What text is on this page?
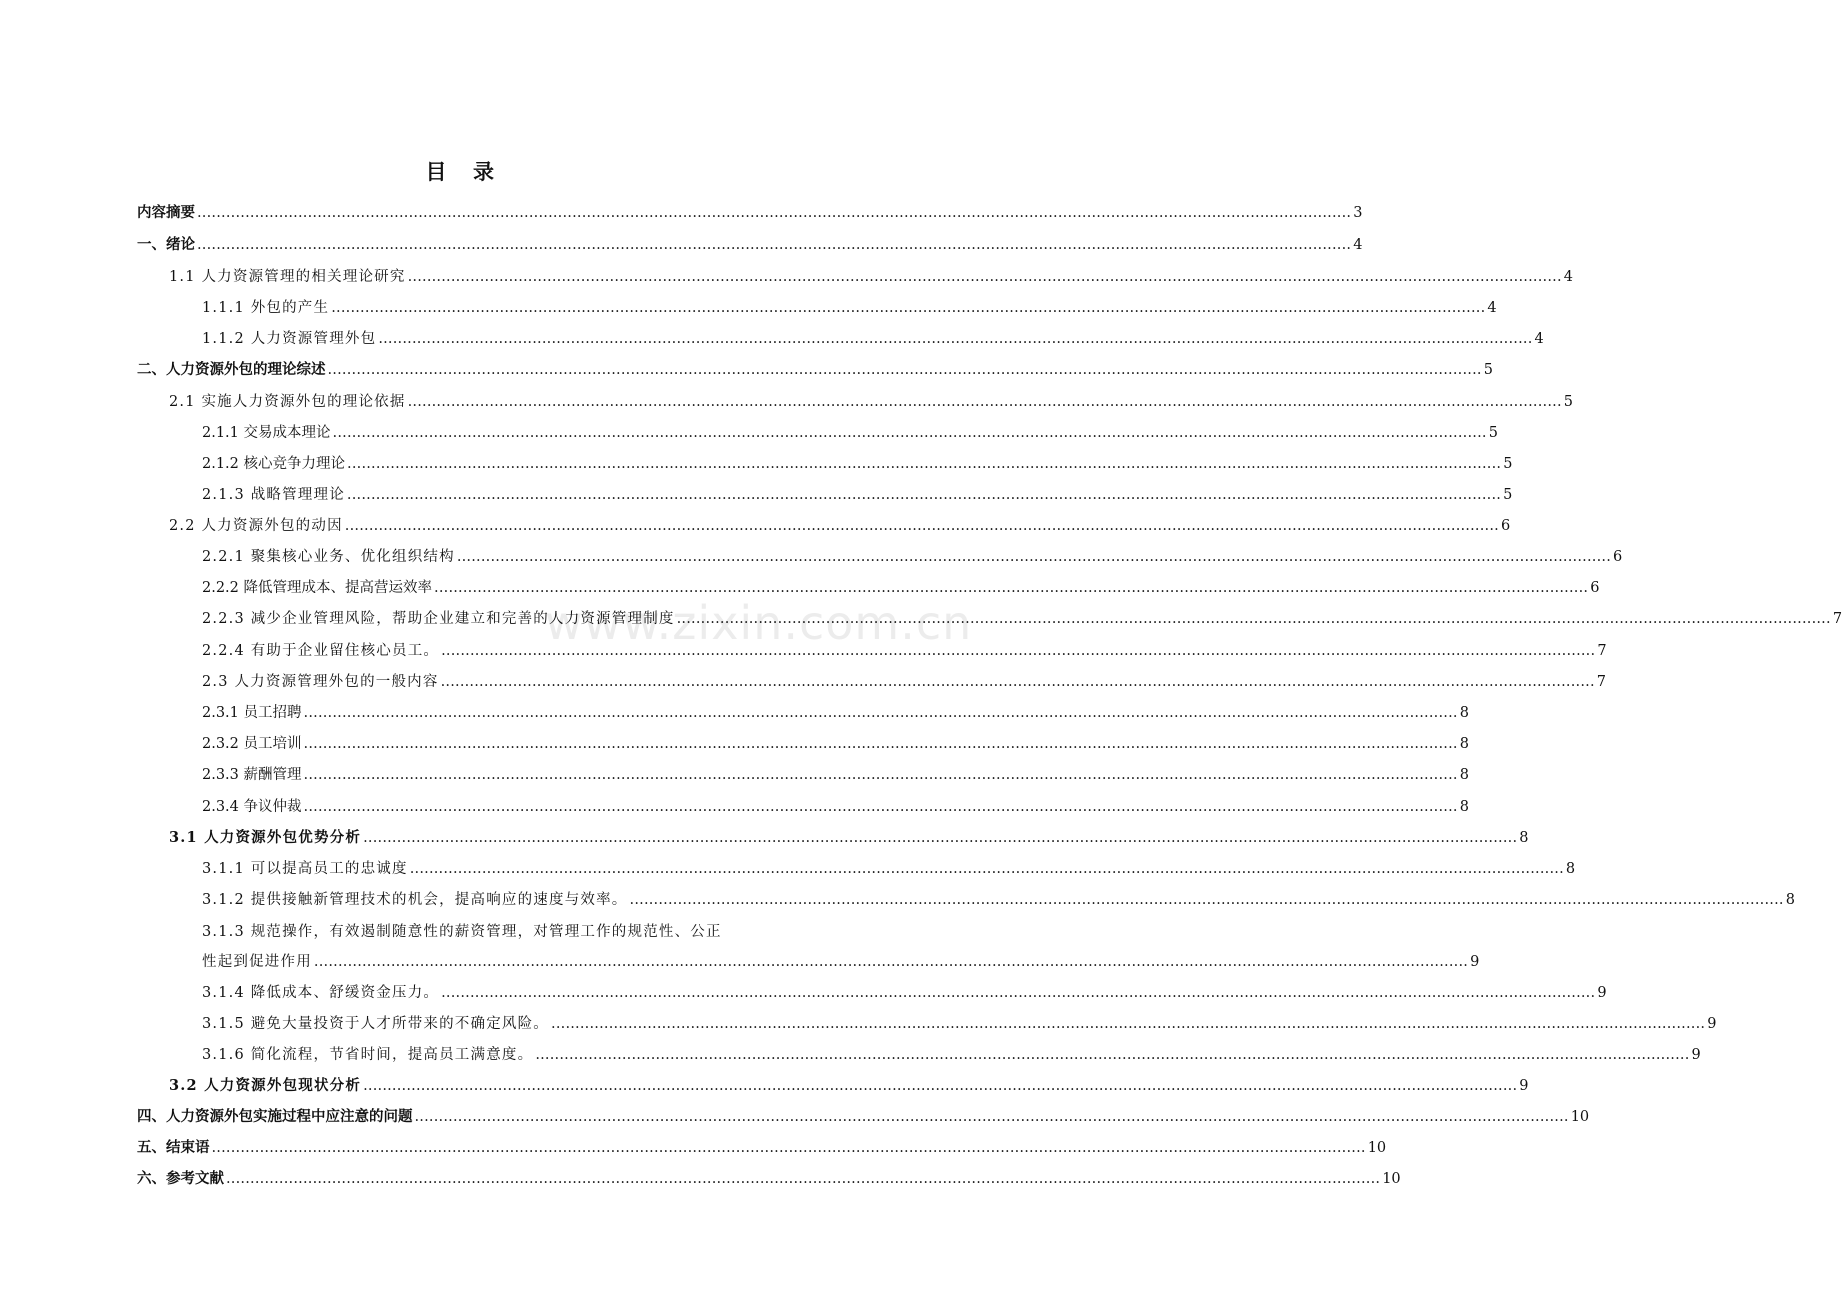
目 录
www.zixin.com.cn
内容摘要 .....	3
一、绪论 .....	4
1.1 人力资源管理的相关理论研究 .....	4
1.1.1 外包的产生 .....	4
1.1.2 人力资源管理外包 .....	4
二、人力资源外包的理论综述 .....	5
2.1 实施人力资源外包的理论依据 .....	5
2.1.1 交易成本理论 .....	5
2.1.2 核心竞争力理论 .....	5
2.1.3 战略管理理论 .....	5
2.2 人力资源外包的动因 .....	6
2.2.1 聚集核心业务、优化组织结构 .....	6
2.2.2 降低管理成本、提高营运效率 .....	6
2.2.3 减少企业管理风险，帮助企业建立和完善的人力资源管理制度 .....	7
2.2.4 有助于企业留住核心员工。 .....	7
2.3 人力资源管理外包的一般内容 .....	7
2.3.1 员工招聘 .....	8
2.3.2 员工培训 .....	8
2.3.3 薪酬管理 .....	8
2.3.4 争议仲裁 .....	8
3.1 人力资源外包优势分析 .....	8
3.1.1 可以提高员工的忠诚度 .....	8
3.1.2 提供接触新管理技术的机会，提高响应的速度与效率。 .....	8
3.1.3 规范操作，有效遏制随意性的薪资管理，对管理工作的规范性、公正
性起到促进作用 .....	9
3.1.4 降低成本、舒缓资金压力。 .....	9
3.1.5 避免大量投资于人才所带来的不确定风险。 .....	9
3.1.6 简化流程，节省时间，提高员工满意度。 .....	9
3.2 人力资源外包现状分析 .....	9
四、人力资源外包实施过程中应注意的问题 .....	10
五、结束语 .....	10
六、参考文献 .....	10
